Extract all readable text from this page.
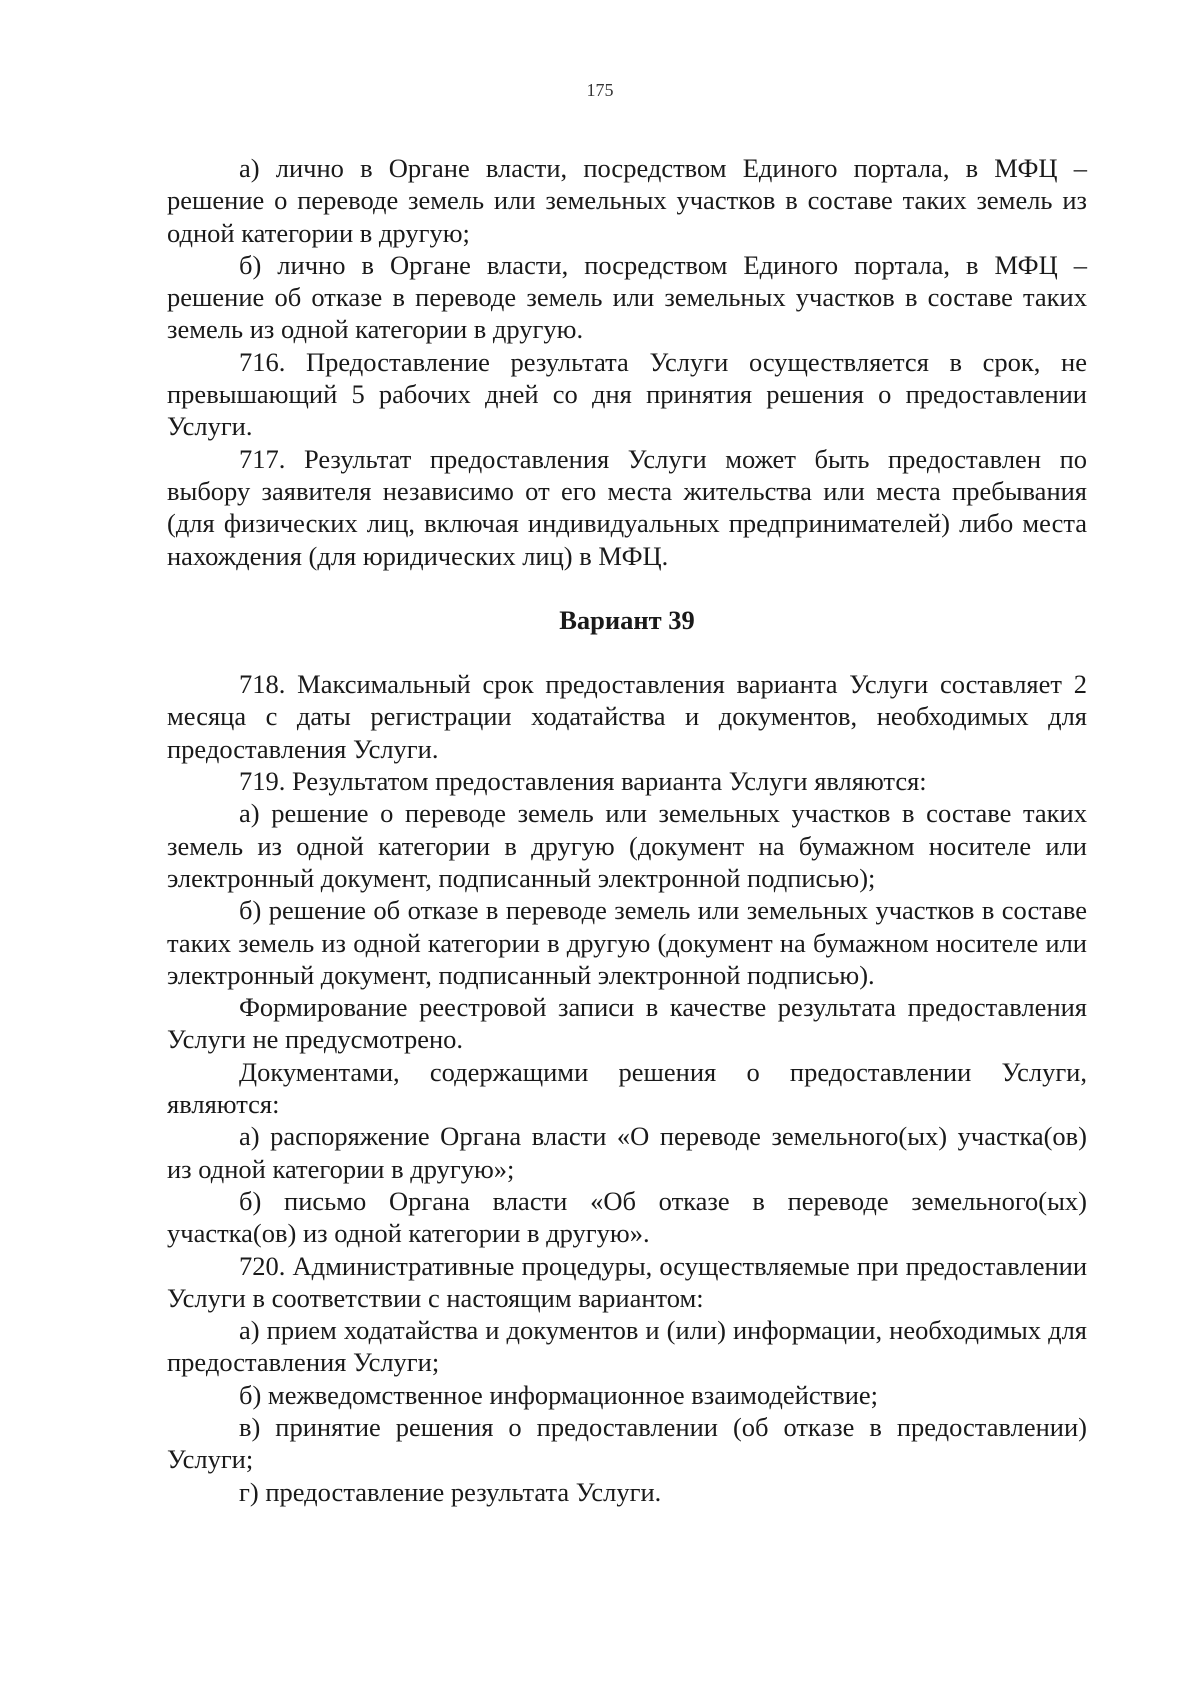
175

а) лично в Органе власти, посредством Единого портала, в МФЦ – решение о переводе земель или земельных участков в составе таких земель из одной категории в другую;

б) лично в Органе власти, посредством Единого портала, в МФЦ – решение об отказе в переводе земель или земельных участков в составе таких земель из одной категории в другую.

716. Предоставление результата Услуги осуществляется в срок, не превышающий 5 рабочих дней со дня принятия решения о предоставлении Услуги.

717. Результат предоставления Услуги может быть предоставлен по выбору заявителя независимо от его места жительства или места пребывания (для физических лиц, включая индивидуальных предпринимателей) либо места нахождения (для юридических лиц) в МФЦ.

Вариант 39

718. Максимальный срок предоставления варианта Услуги составляет 2 месяца с даты регистрации ходатайства и документов, необходимых для предоставления Услуги.

719. Результатом предоставления варианта Услуги являются:

а) решение о переводе земель или земельных участков в составе таких земель из одной категории в другую (документ на бумажном носителе или электронный документ, подписанный электронной подписью);

б) решение об отказе в переводе земель или земельных участков в составе таких земель из одной категории в другую (документ на бумажном носителе или электронный документ, подписанный электронной подписью).

Формирование реестровой записи в качестве результата предоставления Услуги не предусмотрено.

Документами, содержащими решения о предоставлении Услуги, являются:

а) распоряжение Органа власти «О переводе земельного(ых) участка(ов) из одной категории в другую»;

б) письмо Органа власти «Об отказе в переводе земельного(ых) участка(ов) из одной категории в другую».

720. Административные процедуры, осуществляемые при предоставлении Услуги в соответствии с настоящим вариантом:

а) прием ходатайства и документов и (или) информации, необходимых для предоставления Услуги;

б) межведомственное информационное взаимодействие;

в) принятие решения о предоставлении (об отказе в предоставлении) Услуги;

г) предоставление результата Услуги.
